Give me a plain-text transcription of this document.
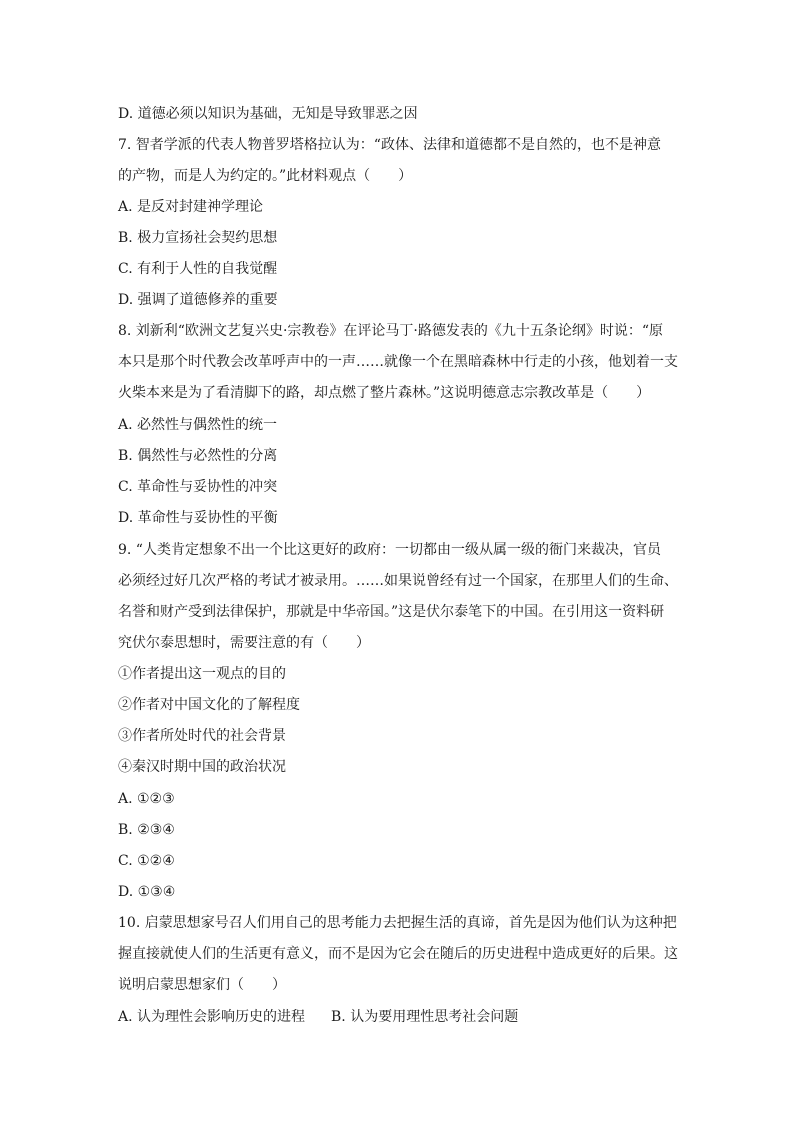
D. 道德必须以知识为基础，无知是导致罪恶之因

7. 智者学派的代表人物普罗塔格拉认为：“政体、法律和道德都不是自然的，也不是神意

的产物，而是人为约定的。”此材料观点（　　）

A. 是反对封建神学理论

B. 极力宣扬社会契约思想

C. 有利于人性的自我觉醒

D. 强调了道德修养的重要

8. 刘新利“欧洲文艺复兴史·宗教卷》在评论马丁·路德发表的《九十五条论纲》时说：“原

本只是那个时代教会改革呼声中的一声……就像一个在黑暗森林中行走的小孩，他划着一支

火柴本来是为了看清脚下的路，却点燃了整片森林。”这说明德意志宗教改革是（　　）

A. 必然性与偶然性的统一

B. 偶然性与必然性的分离

C. 革命性与妥协性的冲突

D. 革命性与妥协性的平衡

9. “人类肯定想象不出一个比这更好的政府：一切都由一级从属一级的衙门来裁决，官员

必须经过好几次严格的考试才被录用。……如果说曾经有过一个国家，在那里人们的生命、

名誉和财产受到法律保护，那就是中华帝国。”这是伏尔泰笔下的中国。在引用这一资料研

究伏尔泰思想时，需要注意的有（　　）

①作者提出这一观点的目的

②作者对中国文化的了解程度

③作者所处时代的社会背景

④秦汉时期中国的政治状况

A. ①②③

B. ②③④

C. ①②④

D. ①③④

10. 启蒙思想家号召人们用自己的思考能力去把握生活的真谛，首先是因为他们认为这种把

握直接就使人们的生活更有意义，而不是因为它会在随后的历史进程中造成更好的后果。这

说明启蒙思想家们（　　）

A. 认为理性会影响历史的进程 B. 认为要用理性思考社会问题
